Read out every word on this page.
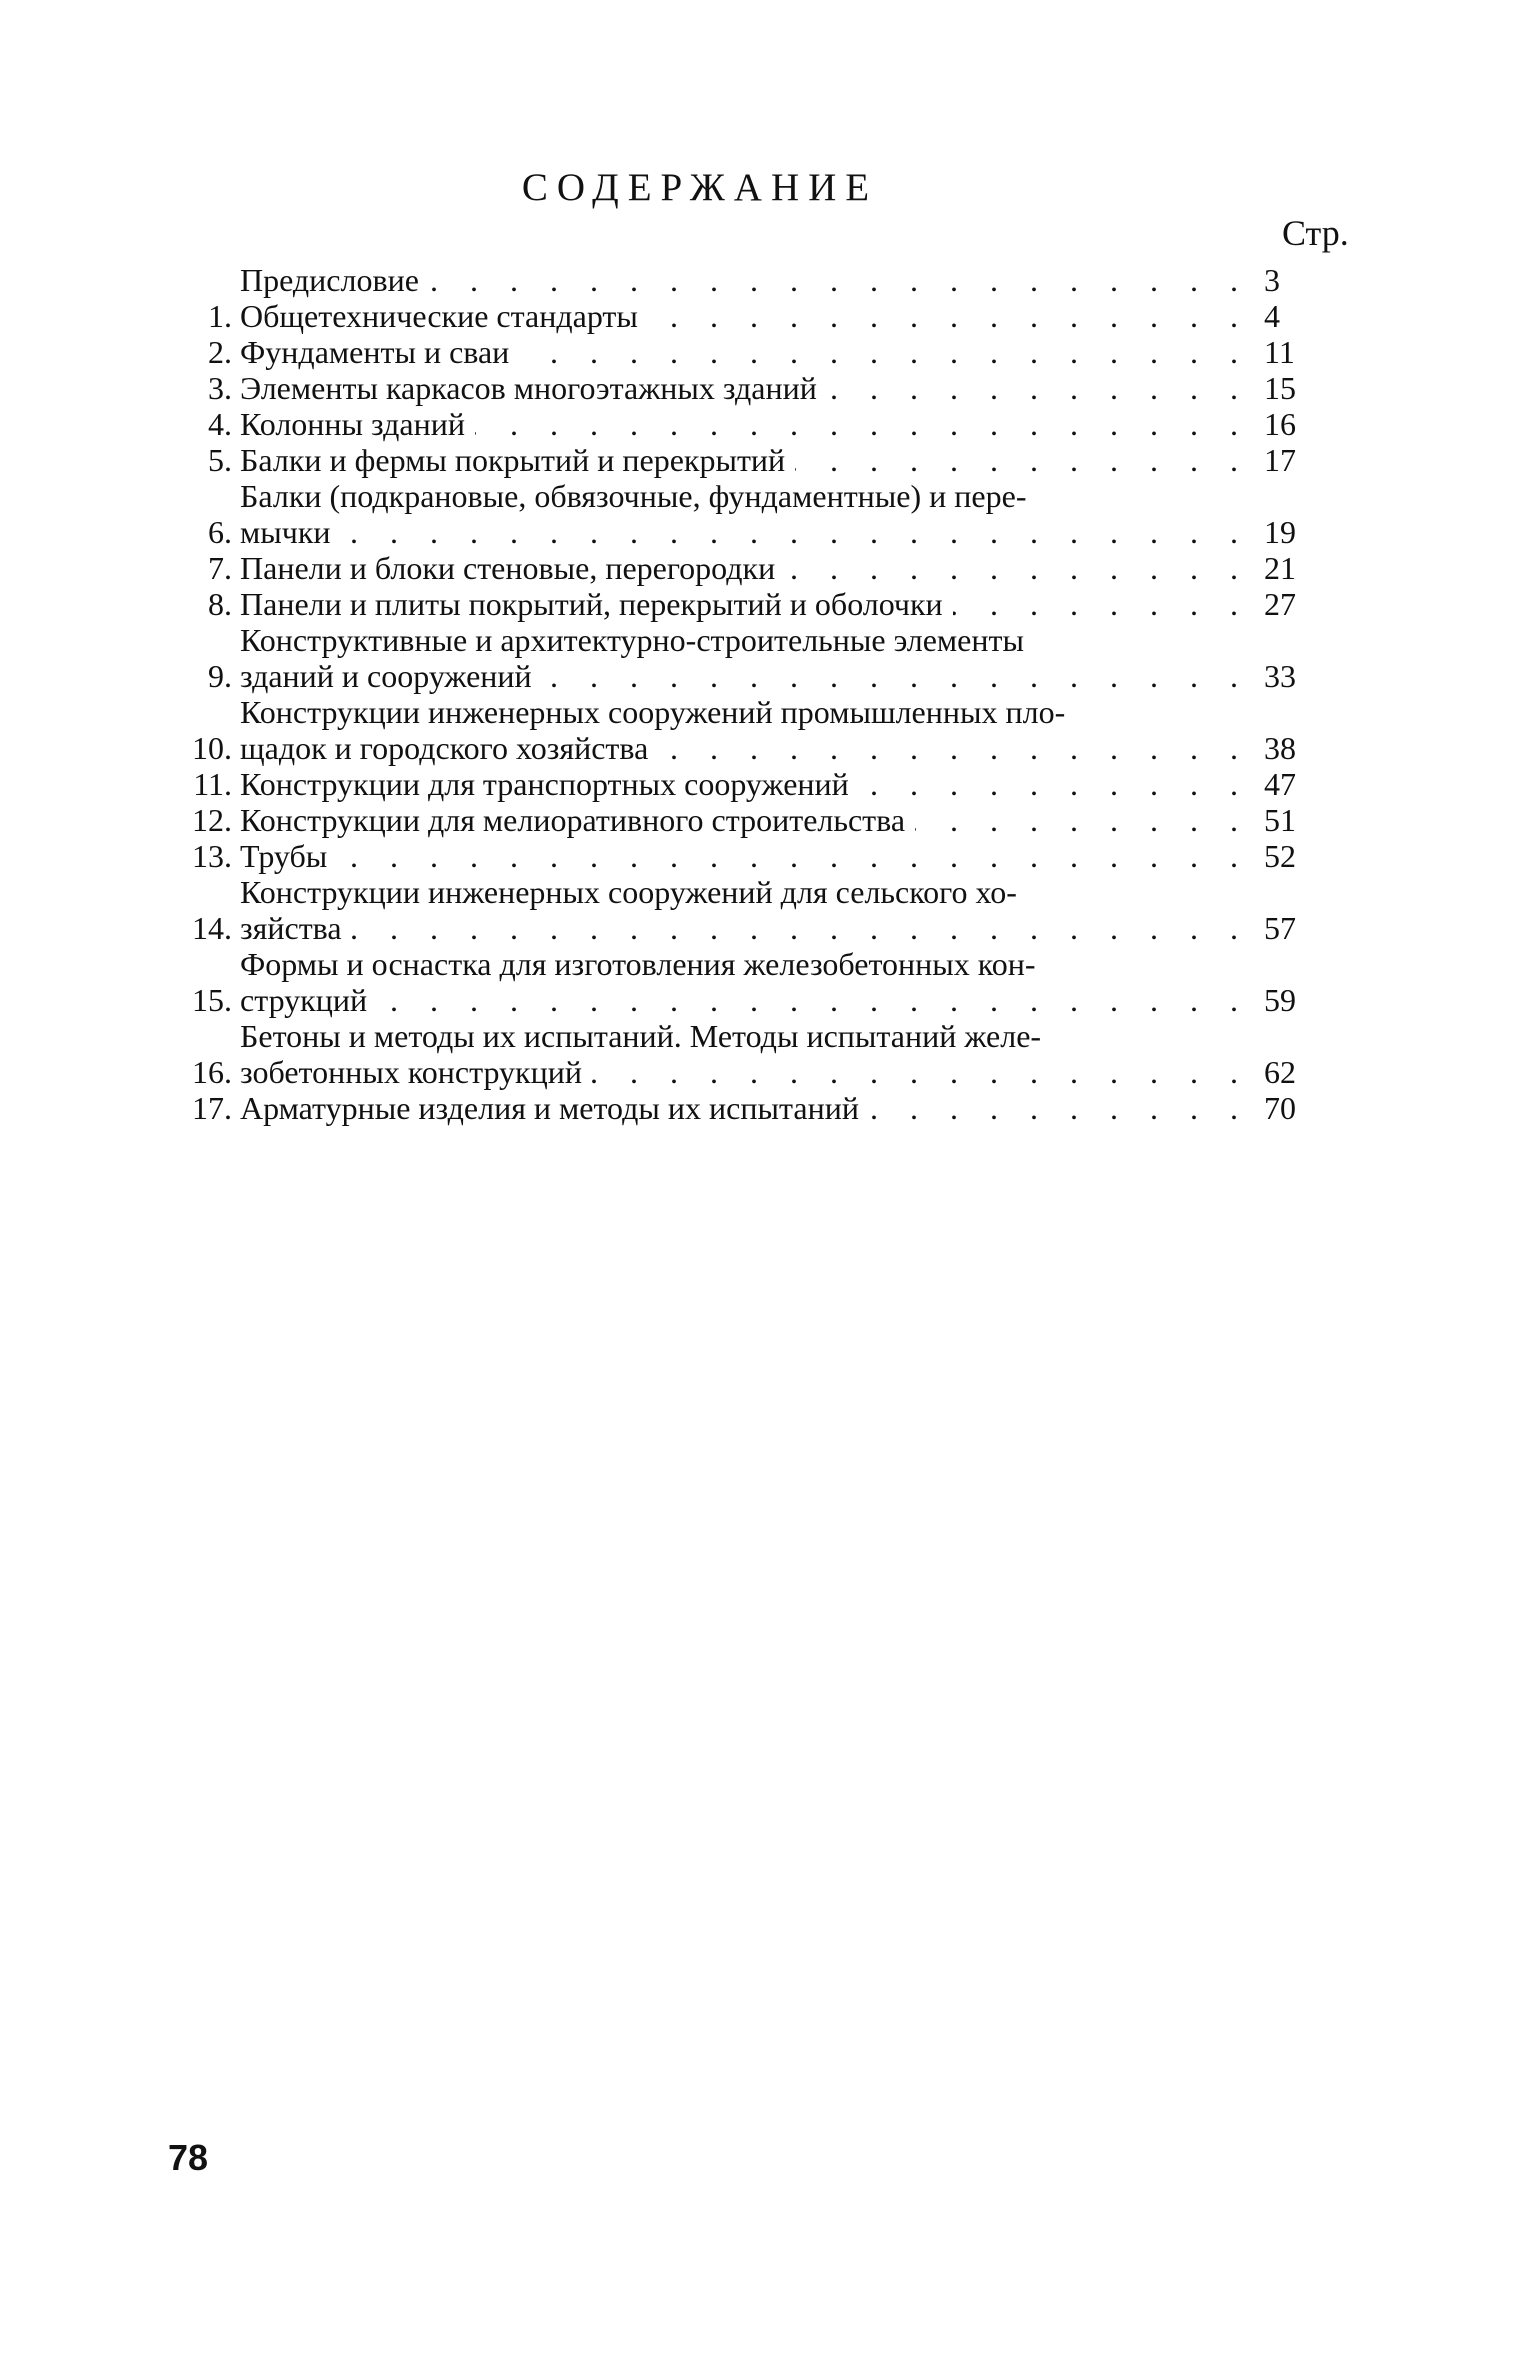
СОДЕРЖАНИЕ
Стр.
Предисловие . . .	3
1. Общетехнические стандарты . . .	4
2. Фундаменты и сваи . . .	11
3. Элементы каркасов многоэтажных зданий . . .	15
4. Колонны зданий . . .	16
5. Балки и фермы покрытий и перекрытий . . .	17
6.
Балки (подкрановые, обвязочные, фундаментные) и пере-
мычки . . .	19
7. Панели и блоки стеновые, перегородки . . .	21
8. Панели и плиты покрытий, перекрытий и оболочки . . .	27
9.
Конструктивные и архитектурно-строительные элементы
зданий и сооружений . . .	33
10.
Конструкции инженерных сооружений промышленных пло-
щадок и городского хозяйства . . .	38
11. Конструкции для транспортных сооружений . . .	47
12. Конструкции для мелиоративного строительства . . .	51
13. Трубы . . .	52
14.
Конструкции инженерных сооружений для сельского хо-
зяйства . . .	57
15.
Формы и оснастка для изготовления железобетонных кон-
струкций . . .	59
16.
Бетоны и методы их испытаний. Методы испытаний желе-
зобетонных конструкций . . .	62
17. Арматурные изделия и методы их испытаний . . .	70
78
